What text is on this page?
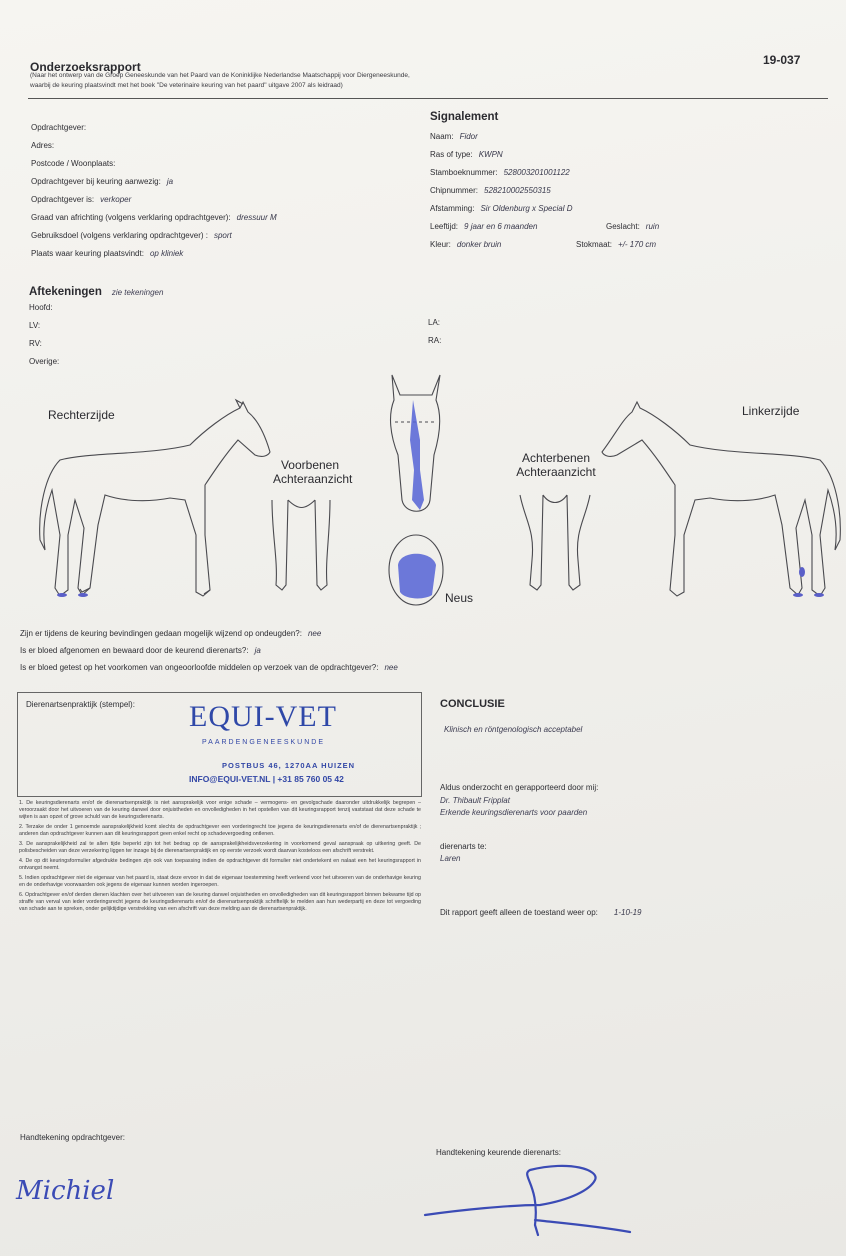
Onderzoeksrapport	19-037
(Naar het ontwerp van de Groep Geneeskunde van het Paard van de Koninklijke Nederlandse Maatschappij voor Diergeneeskunde,
waarbij de keuring plaatsvindt met het boek "De veterinaire keuring van het paard" uitgave 2007 als leidraad)
Opdrachtgever:
Adres:
Postcode / Woonplaats:
Opdrachtgever bij keuring aanwezig: ja
Opdrachtgever is: verkoper
Graad van africhting (volgens verklaring opdrachtgever): dressuur M
Gebruiksdoel (volgens verklaring opdrachtgever) : sport
Plaats waar keuring plaatsvindt: op kliniek
Signalement
Naam: Fidor
Ras of type: KWPN
Stamboeknummer: 528003201001122
Chipnummer: 528210002550315
Afstamming: Sir Oldenburg x Special D
Leeftijd: 9 jaar en 6 maanden	Geslacht: ruin
Kleur: donker bruin	Stokmaat: +/- 170 cm
Aftekeningen zie tekeningen
Hoofd:
LV:
RV:
Overige:
LA:
RA:
Rechterzijde	Linkerzijde
Voorbenen
Achteraanzicht
Achterbenen
Achteraanzicht
Neus
Zijn er tijdens de keuring bevindingen gedaan mogelijk wijzend op ondeugden?: nee
Is er bloed afgenomen en bewaard door de keurend dierenarts?: ja
Is er bloed getest op het voorkomen van ongeoorloofde middelen op verzoek van de opdrachtgever?: nee
Dierenartsenpraktijk (stempel): EQUI-VET
PAARDENGENEESKUNDE
POSTBUS 46, 1270AA HUIZEN
INFO@EQUI-VET.NL | +31 85 760 05 42

1. De keuringsdierenarts en/of de dierenartsenpraktijk is niet aansprakelijk voor enige schade – vermogens- en gevolgschade daaronder uitdrukkelijk begrepen – veroorzaakt door het uitvoeren van de keuring danwel door onjuistheden en onvolledigheden in het opstellen van dit keuringsrapport tenzij vaststaat dat deze schade te wijten is aan opzet of grove schuld van de keuringsdierenarts.

2. Terzake de onder 1 genoemde aansprakelijkheid komt slechts de opdrachtgever een vorderingrecht toe jegens de keuringsdierenarts en/of de dierenartsenpraktijk ; anderen dan opdrachtgever kunnen aan dit keuringsrapport geen enkel recht op schadevergoeding ontlenen.

3. De aansprakelijkheid zal te allen tijde beperkt zijn tot het bedrag op de aansprakelijkheidsverzekering in voorkomend geval aanspraak op uitkering geeft. De polisbescheiden van deze verzekering liggen ter inzage bij de dierenartsenpraktijk en op eerste verzoek wordt daarvan kosteloos een afschrift verstrekt.

4. De op dit keuringsformulier afgedrukte bedingen zijn ook van toepassing indien de opdrachtgever dit formulier niet ondertekent en nalaat een het keuringsrapport in ontvangst neemt.

5. Indien opdrachtgever niet de eigenaar van het paard is, staat deze ervoor in dat de eigenaar toestemming heeft verleend voor het uitvoeren van de onderhavige keuring en de onderhavige voorwaarden ook jegens de eigenaar kunnen worden ingeroepen.

6. Opdrachtgever en/of derden dienen klachten over het uitvoeren van de keuring danwel onjuistheden en onvolledigheden van dit keuringsrapport binnen bekwame tijd op straffe van verval van ieder vorderingsrecht jegens de keuringsdierenarts en/of de dierenartsenpraktijk schriftelijk te melden aan hun wederpartij en deze tot vergoeding van schade aan te spreken, onder gelijktijdige verstrekking van een afschrift van deze melding aan de dierenartsenpraktijk.

CONCLUSIE
Klinisch en röntgenologisch acceptabel
Aldus onderzocht en gerapporteerd door mij:
Dr. Thibault Fripplat
Erkende keuringsdierenarts voor paarden
dierenarts te:
Laren
Dit rapport geeft alleen de toestand weer op: 1-10-19
Handtekening opdrachtgever:
Michiel
Handtekening keurende dierenarts:
